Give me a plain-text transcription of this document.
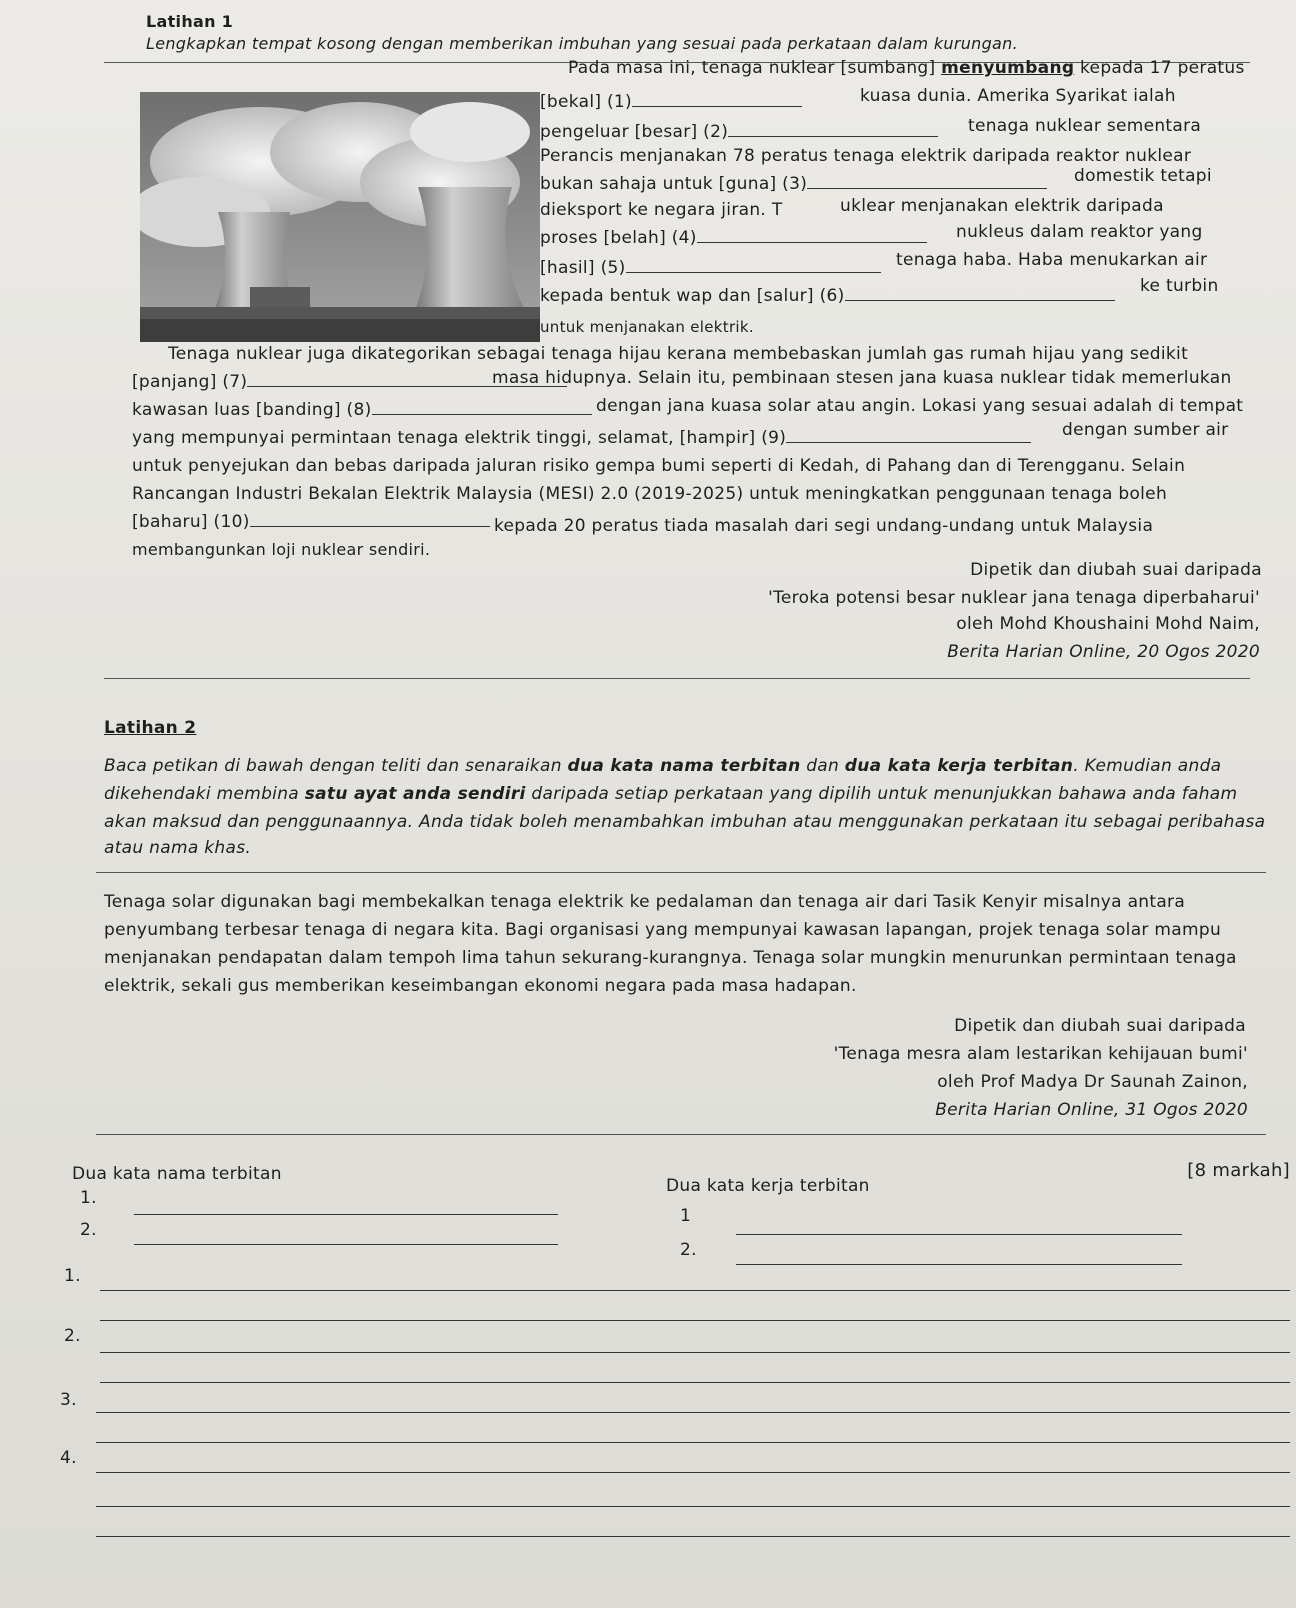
Latihan 1
Lengkapkan tempat kosong dengan memberikan imbuhan yang sesuai pada perkataan dalam kurungan.
Pada masa ini, tenaga nuklear [sumbang] menyumbang kepada 17 peratus
[bekal] (1)	kuasa dunia. Amerika Syarikat ialah
pengeluar [besar] (2)	tenaga nuklear sementara
Perancis menjanakan 78 peratus tenaga elektrik daripada reaktor nuklear
bukan sahaja untuk [guna] (3)	domestik tetapi
dieksport ke negara jiran. T	uklear menjanakan elektrik daripada
proses [belah] (4)	nukleus dalam reaktor yang
[hasil] (5)	tenaga haba. Haba menukarkan air
kepada bentuk wap dan [salur] (6)	ke turbin
untuk menjanakan elektrik.
Tenaga nuklear juga dikategorikan sebagai tenaga hijau kerana membebaskan jumlah gas rumah hijau yang sedikit
[panjang] (7)	masa hidupnya. Selain itu, pembinaan stesen jana kuasa nuklear tidak memerlukan
kawasan luas [banding] (8)	dengan jana kuasa solar atau angin. Lokasi yang sesuai adalah di tempat
yang mempunyai permintaan tenaga elektrik tinggi, selamat, [hampir] (9)	dengan sumber air
untuk penyejukan dan bebas daripada jaluran risiko gempa bumi seperti di Kedah, di Pahang dan di Terengganu. Selain
Rancangan Industri Bekalan Elektrik Malaysia (MESI) 2.0 (2019-2025) untuk meningkatkan penggunaan tenaga boleh
[baharu] (10)	kepada 20 peratus tiada masalah dari segi undang-undang untuk Malaysia
membangunkan loji nuklear sendiri.
Dipetik dan diubah suai daripada
'Teroka potensi besar nuklear jana tenaga diperbaharui'
oleh Mohd Khoushaini Mohd Naim,
Berita Harian Online, 20 Ogos 2020
Latihan 2
Baca petikan di bawah dengan teliti dan senaraikan dua kata nama terbitan dan dua kata kerja terbitan. Kemudian anda
dikehendaki membina satu ayat anda sendiri daripada setiap perkataan yang dipilih untuk menunjukkan bahawa anda faham
akan maksud dan penggunaannya. Anda tidak boleh menambahkan imbuhan atau menggunakan perkataan itu sebagai peribahasa
atau nama khas.
Tenaga solar digunakan bagi membekalkan tenaga elektrik ke pedalaman dan tenaga air dari Tasik Kenyir misalnya antara
penyumbang terbesar tenaga di negara kita. Bagi organisasi yang mempunyai kawasan lapangan, projek tenaga solar mampu
menjanakan pendapatan dalam tempoh lima tahun sekurang-kurangnya. Tenaga solar mungkin menurunkan permintaan tenaga
elektrik, sekali gus memberikan keseimbangan ekonomi negara pada masa hadapan.
Dipetik dan diubah suai daripada
'Tenaga mesra alam lestarikan kehijauan bumi'
oleh Prof Madya Dr Saunah Zainon,
Berita Harian Online, 31 Ogos 2020
Dua kata nama terbitan
Dua kata kerja terbitan
[8 markah]
1.
2.
1
2.
1.
2.
3.
4.
